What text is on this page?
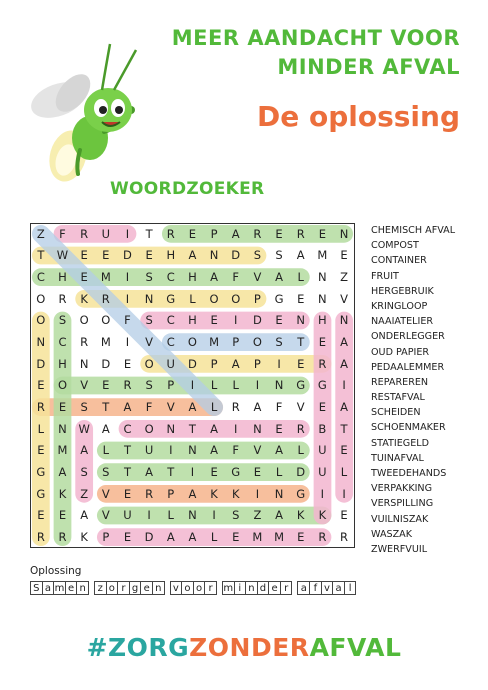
MEER AANDACHT VOOR
MINDER AFVAL
De oplossing
WOORDZOEKER
Z	F	R	U	I	T	R	E	P	A	R	E	R	E	N
T	W	E	E	D	E	H	A	N	D	S	S	A	M	E
C	H	E	M	I	S	C	H	A	F	V	A	L	N	Z
O	R	K	R	I	N	G	L	O	O	P	G	E	N	V
O	S	O	O	F	S	C	H	E	I	D	E	N	H	N
N	C	R	M	I	V	C	O	M	P	O	S	T	E	A
D	H	N	D	E	O	U	D	P	A	P	I	E	R	A
E	O	V	E	R	S	P	I	L	L	I	N	G	G	I
R	E	S	T	A	F	V	A	L	R	A	F	V	E	A
L	N	W	A	C	O	N	T	A	I	N	E	R	B	T
E	M	A	L	T	U	I	N	A	F	V	A	L	U	E
G	A	S	S	T	A	T	I	E	G	E	L	D	U	L
G	K	Z	V	E	R	P	A	K	K	I	N	G	I	I
E	E	A	V	U	I	L	N	I	S	Z	A	K	K	E
R	R	K	P	E	D	A	A	L	E	M	M	E	R	R
CHEMISCH AFVAL
COMPOST
CONTAINER
FRUIT
HERGEBRUIK
KRINGLOOP
NAAIATELIER
ONDERLEGGER
OUD PAPIER
PEDAALEMMER
REPAREREN
RESTAFVAL
SCHEIDEN
SCHOENMAKER
STATIEGELD
TUINAFVAL
TWEEDEHANDS
VERPAKKING
VERSPILLING
VUILNISZAK
WASZAK
ZWERFVUIL
Oplossing
S a m e n	z o r g e n	v o o r	m i n d e r	a f v a l
#ZORGZONDERAFVAL
